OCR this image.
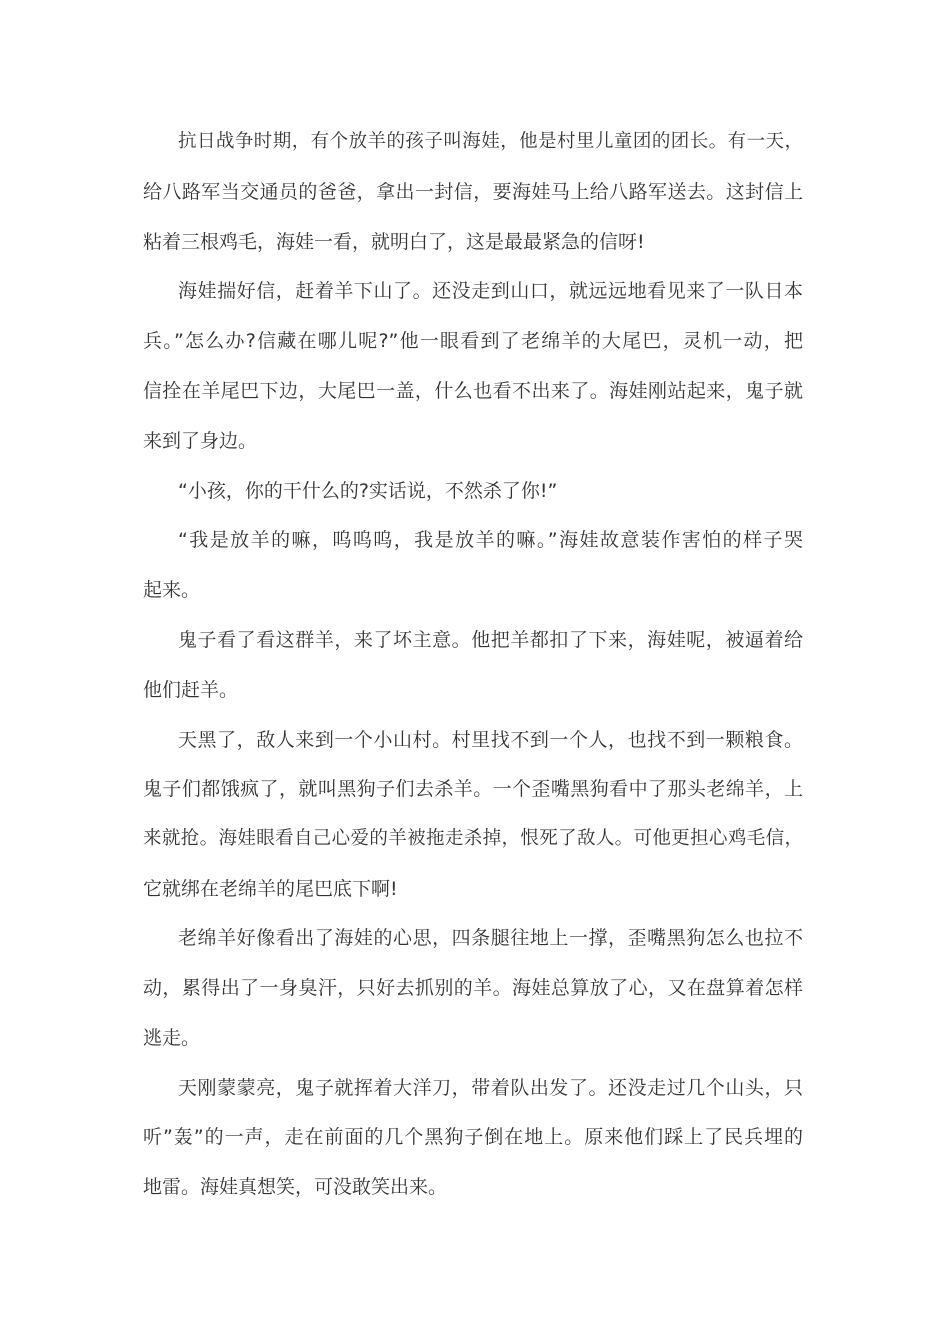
抗日战争时期，有个放羊的孩子叫海娃，他是村里儿童团的团长。有一天，
给八路军当交通员的爸爸，拿出一封信，要海娃马上给八路军送去。这封信上
粘着三根鸡毛，海娃一看，就明白了，这是最最紧急的信呀!
海娃揣好信，赶着羊下山了。还没走到山口，就远远地看见来了一队日本
兵。”怎么办?信藏在哪儿呢?”他一眼看到了老绵羊的大尾巴，灵机一动，把
信拴在羊尾巴下边，大尾巴一盖，什么也看不出来了。海娃刚站起来，鬼子就
来到了身边。
“小孩，你的干什么的?实话说，不然杀了你!”
“我是放羊的嘛，呜呜呜，我是放羊的嘛。”海娃故意装作害怕的样子哭
起来。
鬼子看了看这群羊，来了坏主意。他把羊都扣了下来，海娃呢，被逼着给
他们赶羊。
天黑了，敌人来到一个小山村。村里找不到一个人，也找不到一颗粮食。
鬼子们都饿疯了，就叫黑狗子们去杀羊。一个歪嘴黑狗看中了那头老绵羊，上
来就抢。海娃眼看自己心爱的羊被拖走杀掉，恨死了敌人。可他更担心鸡毛信，
它就绑在老绵羊的尾巴底下啊!
老绵羊好像看出了海娃的心思，四条腿往地上一撑，歪嘴黑狗怎么也拉不
动，累得出了一身臭汗，只好去抓别的羊。海娃总算放了心，又在盘算着怎样
逃走。
天刚蒙蒙亮，鬼子就挥着大洋刀，带着队出发了。还没走过几个山头，只
听”轰”的一声，走在前面的几个黑狗子倒在地上。原来他们踩上了民兵埋的
地雷。海娃真想笑，可没敢笑出来。
